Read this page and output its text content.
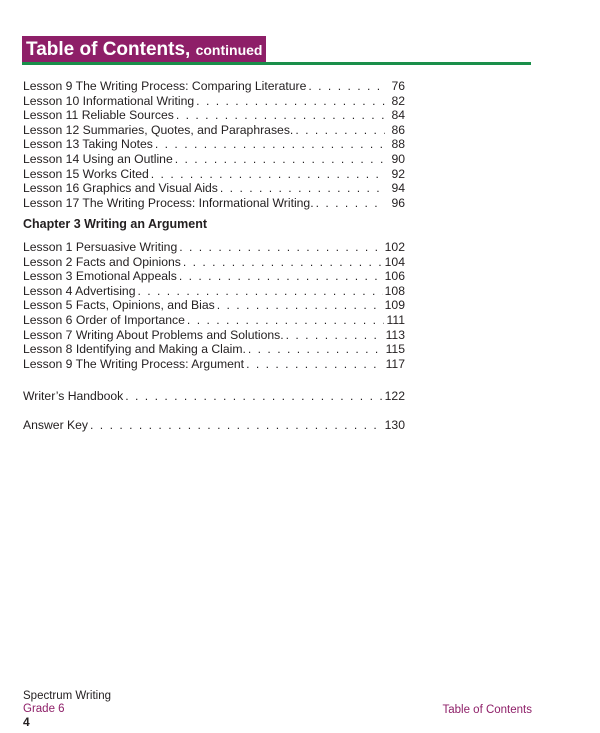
Table of Contents, continued
Lesson 9 The Writing Process: Comparing Literature . . .	76
Lesson 10 Informational Writing . . .	82
Lesson 11 Reliable Sources . . .	84
Lesson 12 Summaries, Quotes, and Paraphrases. . . .	86
Lesson 13 Taking Notes . . .	88
Lesson 14 Using an Outline . . .	90
Lesson 15 Works Cited . . .	92
Lesson 16 Graphics and Visual Aids . . .	94
Lesson 17 The Writing Process: Informational Writing. . . .	96
Chapter 3 Writing an Argument
Lesson 1 Persuasive Writing . . .	102
Lesson 2 Facts and Opinions . . .	104
Lesson 3 Emotional Appeals . . .	106
Lesson 4 Advertising . . .	108
Lesson 5 Facts, Opinions, and Bias . . .	109
Lesson 6 Order of Importance . . .	111
Lesson 7 Writing About Problems and Solutions. . . .	113
Lesson 8 Identifying and Making a Claim. . . .	115
Lesson 9 The Writing Process: Argument . . .	117
Writer’s Handbook . . .	122
Answer Key . . .	130
Spectrum Writing
Grade 6
4
Table of Contents
